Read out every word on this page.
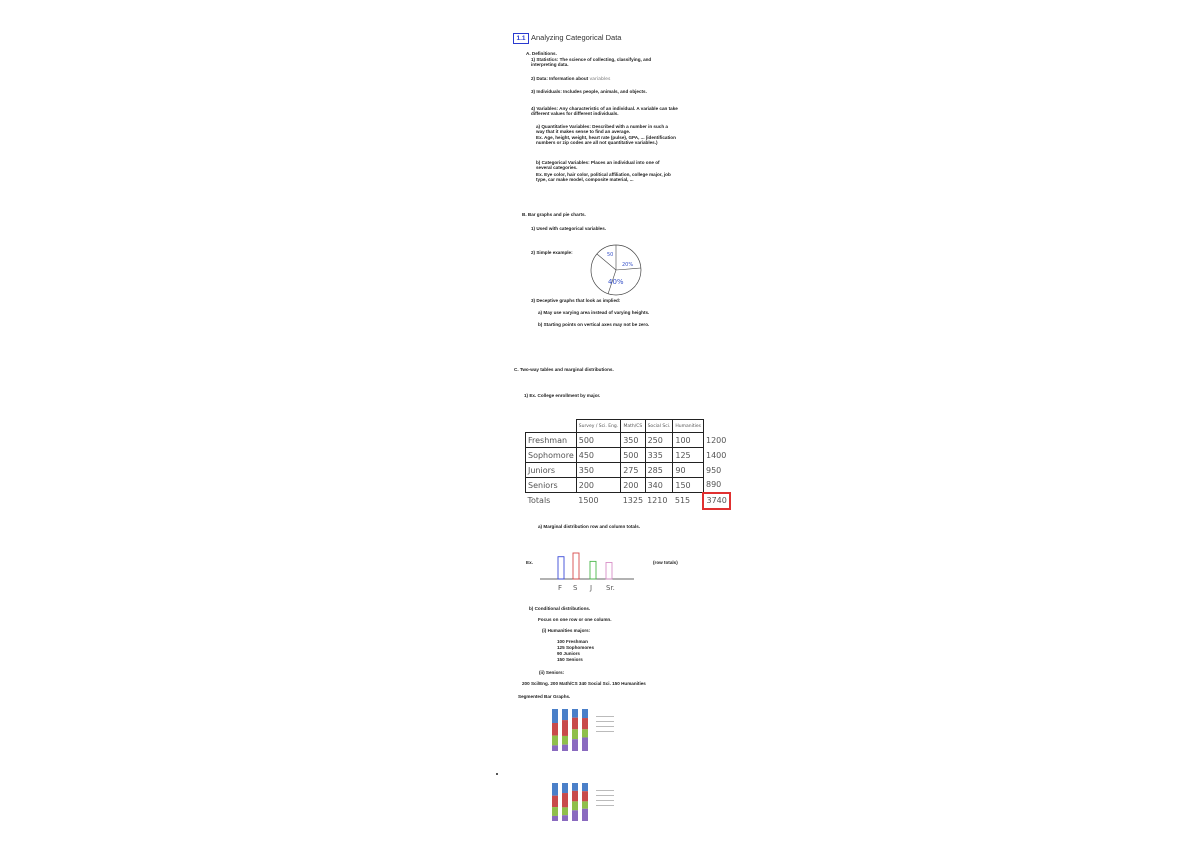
1.1 Analyzing Categorical Data
A. Definitions.
1) Statistics: The science of collecting, classifying, and interpreting data.
2) Data: Information about variables
3) Individuals: Includes people, animals, and objects.
4) Variables: Any characteristic of an individual. A variable can take different values for different individuals.
a) Quantitative Variables: Described with a number in such a way that it makes sense to find an average.
Ex. Age, height, weight, heart rate (pulse), GPA, ... (identification numbers or zip codes are all not quantitative variables.)
b) Categorical Variables: Places an individual into one of several categories.
Ex. Eye color, hair color, political affiliation, college major, job type, car make model, composite material, ...
B. Bar graphs and pie charts.
1) Used with categorical variables.
2) Simple example:	50
20%
40%
3) Deceptive graphs that look as implied:
a) May use varying area instead of varying heights.
b) Starting points on vertical axes may not be zero.
C. Two-way tables and marginal distributions.
1) Ex. College enrollment by major.
	Survey / Sci. Eng.	Math/CS	Social Sci.	Humanities	
Freshman	500	350	250	100	1200
Sophomore	450	500	335	125	1400
Juniors	350	275	285	90	950
Seniors	200	200	340	150	890
Totals	1500	1325	1210	515	3740
a) Marginal distribution row and column totals.
Ex.	(row totals)
F S J Sr.
b) Conditional distributions.
Focus on one row or one column.
(i) Humanities majors:
100 Freshman
125 Sophomores
90 Juniors
150 Seniors
(ii) Seniors:
200 Sci/Eng. 200 Math/CS 340 Social Sci. 150 Humanities
Segmented Bar Graphs.
